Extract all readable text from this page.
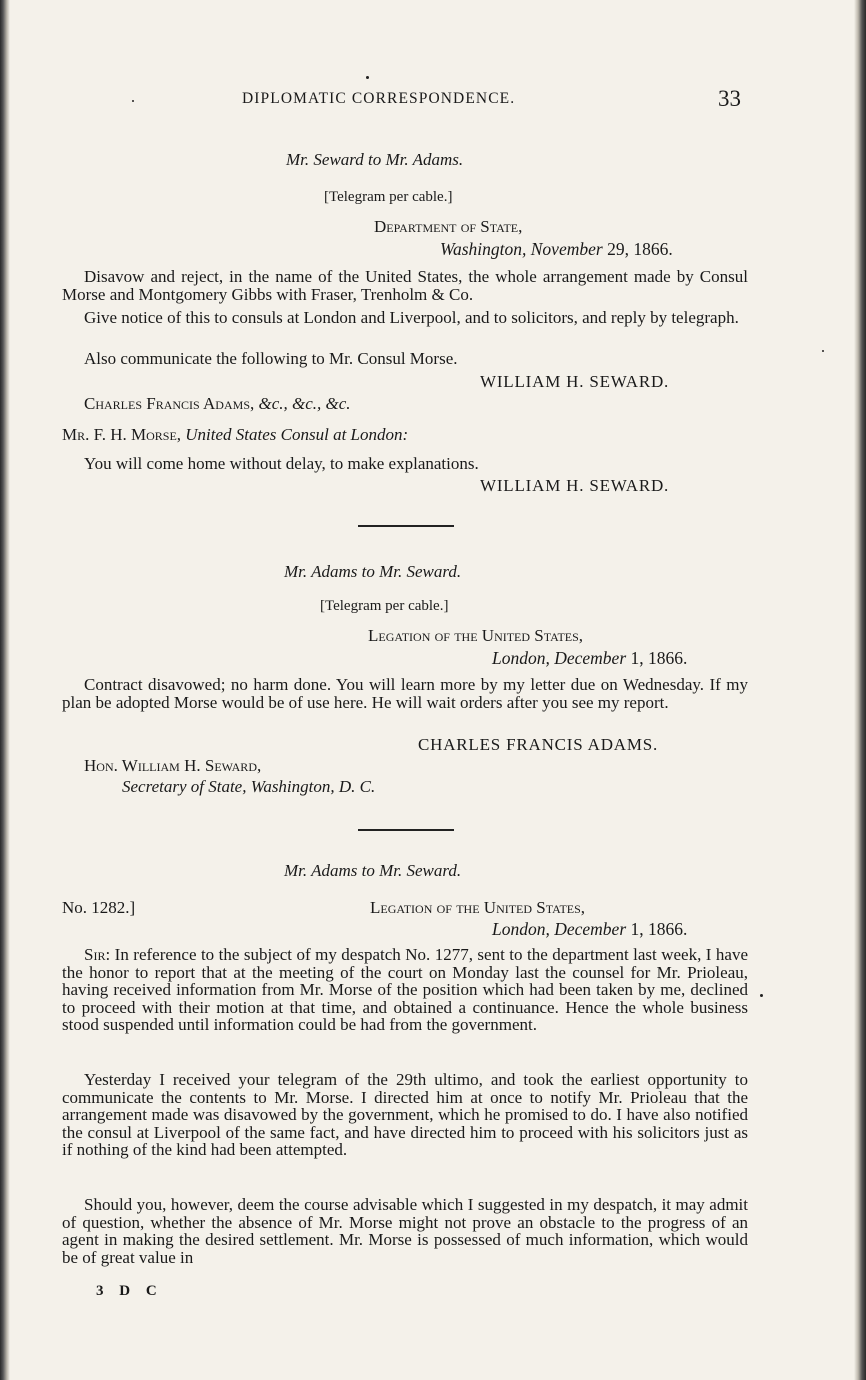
DIPLOMATIC CORRESPONDENCE.	33
Mr. Seward to Mr. Adams.
[Telegram per cable.]
Department of State,
Washington, November 29, 1866.
Disavow and reject, in the name of the United States, the whole arrangement made by Consul Morse and Montgomery Gibbs with Fraser, Trenholm & Co.
Give notice of this to consuls at London and Liverpool, and to solicitors, and reply by telegraph.
Also communicate the following to Mr. Consul Morse.
WILLIAM H. SEWARD.
Charles Francis Adams, &c., &c., &c.
Mr. F. H. Morse, United States Consul at London:
You will come home without delay, to make explanations.
WILLIAM H. SEWARD.
Mr. Adams to Mr. Seward.
[Telegram per cable.]
Legation of the United States,
London, December 1, 1866.
Contract disavowed; no harm done. You will learn more by my letter due on Wednesday. If my plan be adopted Morse would be of use here. He will wait orders after you see my report.
CHARLES FRANCIS ADAMS.
Hon. William H. Seward,
Secretary of State, Washington, D. C.
Mr. Adams to Mr. Seward.
No. 1282.]	Legation of the United States,
London, December 1, 1866.
Sir: In reference to the subject of my despatch No. 1277, sent to the department last week, I have the honor to report that at the meeting of the court on Monday last the counsel for Mr. Prioleau, having received information from Mr. Morse of the position which had been taken by me, declined to proceed with their motion at that time, and obtained a continuance. Hence the whole business stood suspended until information could be had from the government.
Yesterday I received your telegram of the 29th ultimo, and took the earliest opportunity to communicate the contents to Mr. Morse. I directed him at once to notify Mr. Prioleau that the arrangement made was disavowed by the government, which he promised to do. I have also notified the consul at Liverpool of the same fact, and have directed him to proceed with his solicitors just as if nothing of the kind had been attempted.
Should you, however, deem the course advisable which I suggested in my despatch, it may admit of question, whether the absence of Mr. Morse might not prove an obstacle to the progress of an agent in making the desired settlement. Mr. Morse is possessed of much information, which would be of great value in
3 D C
